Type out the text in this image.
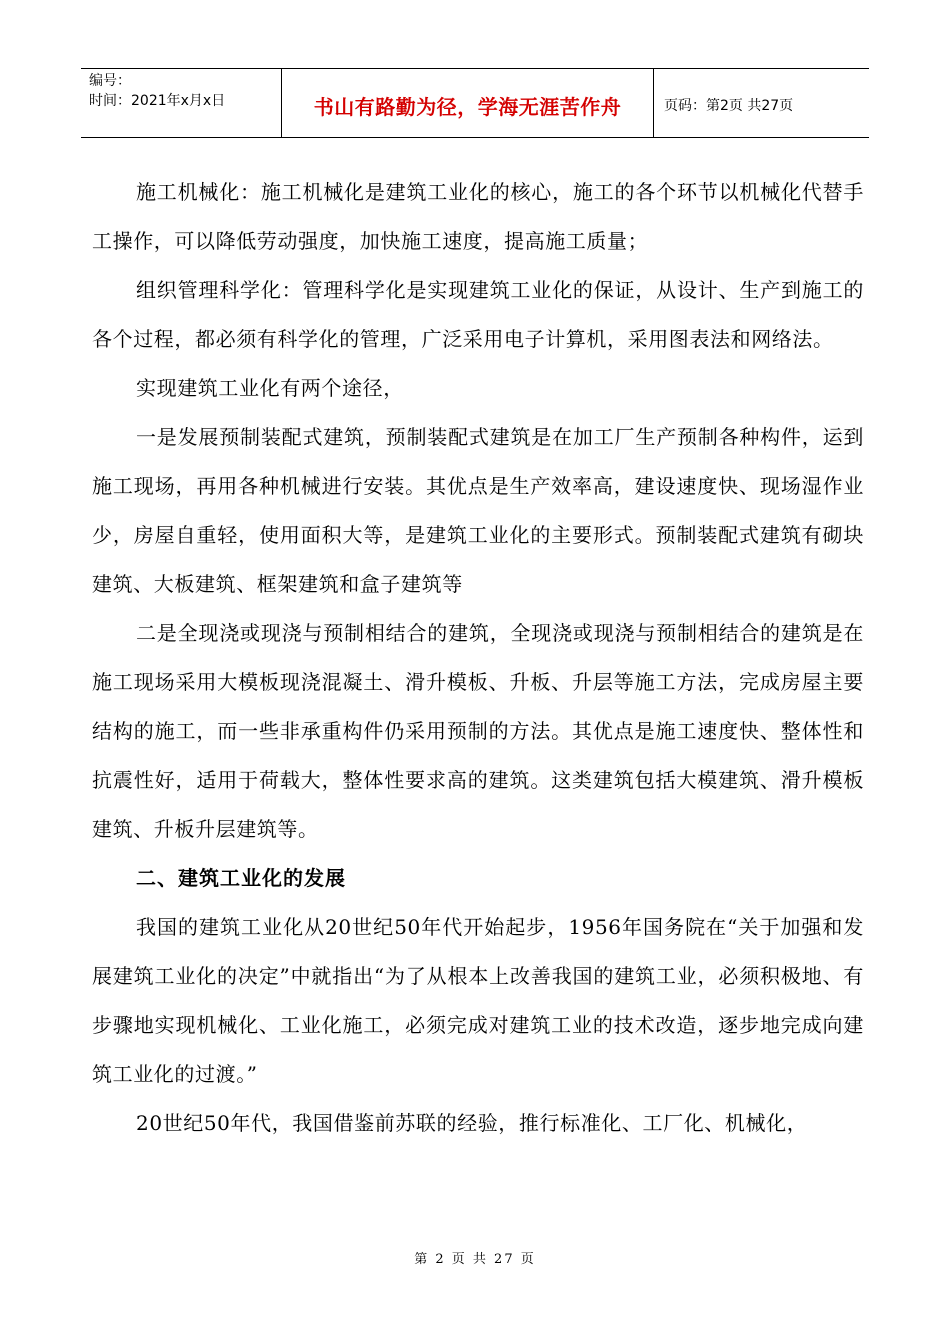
编号：
时间：2021年x月x日	书山有路勤为径，学海无涯苦作舟	页码：第2页 共27页

施工机械化：施工机械化是建筑工业化的核心，施工的各个环节以机械化代替手工操作，可以降低劳动强度，加快施工速度，提高施工质量；

组织管理科学化：管理科学化是实现建筑工业化的保证，从设计、生产到施工的各个过程，都必须有科学化的管理，广泛采用电子计算机，采用图表法和网络法。

实现建筑工业化有两个途径，

一是发展预制装配式建筑，预制装配式建筑是在加工厂生产预制各种构件，运到施工现场，再用各种机械进行安装。其优点是生产效率高，建设速度快、现场湿作业少，房屋自重轻，使用面积大等，是建筑工业化的主要形式。预制装配式建筑有砌块建筑、大板建筑、框架建筑和盒子建筑等

二是全现浇或现浇与预制相结合的建筑，全现浇或现浇与预制相结合的建筑是在施工现场采用大模板现浇混凝土、滑升模板、升板、升层等施工方法，完成房屋主要结构的施工，而一些非承重构件仍采用预制的方法。其优点是施工速度快、整体性和抗震性好，适用于荷载大，整体性要求高的建筑。这类建筑包括大模建筑、滑升模板建筑、升板升层建筑等。

二、建筑工业化的发展

我国的建筑工业化从20世纪50年代开始起步，1956年国务院在“关于加强和发展建筑工业化的决定”中就指出“为了从根本上改善我国的建筑工业，必须积极地、有步骤地实现机械化、工业化施工，必须完成对建筑工业的技术改造，逐步地完成向建筑工业化的过渡。”

20世纪50年代，我国借鉴前苏联的经验，推行标准化、工厂化、机械化，

第 2 页 共 27 页
